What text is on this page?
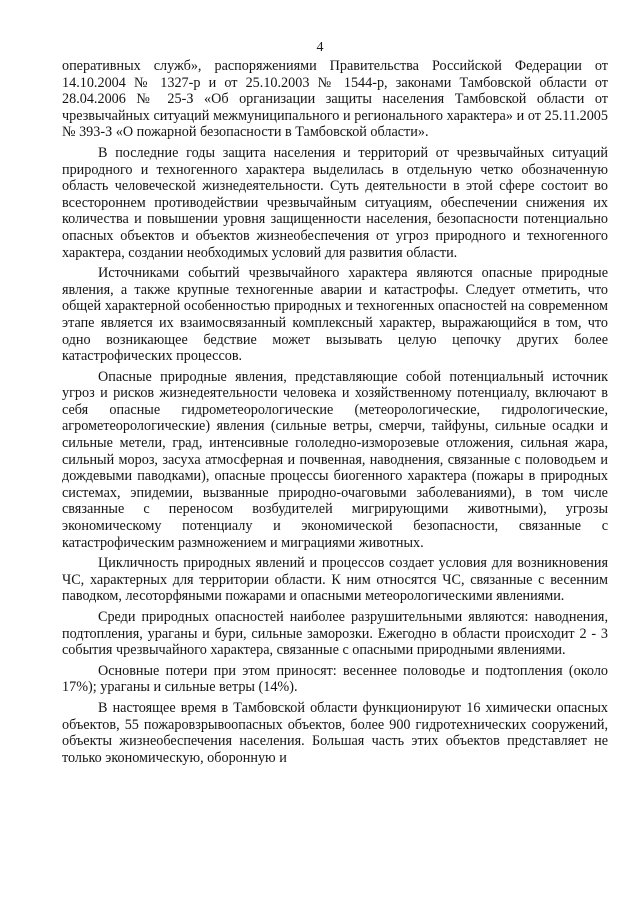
4

оперативных служб», распоряжениями Правительства Российской Федерации от 14.10.2004 № 1327-р и от 25.10.2003 № 1544-р, законами Тамбовской области от 28.04.2006 № 25-З «Об организации защиты населения Тамбовской области от чрезвычайных ситуаций межмуниципального и регионального характера» и от 25.11.2005 № 393-З «О пожарной безопасности в Тамбовской области».

В последние годы защита населения и территорий от чрезвычайных ситуаций природного и техногенного характера выделилась в отдельную четко обозначенную область человеческой жизнедеятельности. Суть деятельности в этой сфере состоит во всестороннем противодействии чрезвычайным ситуациям, обеспечении снижения их количества и повышении уровня защищенности населения, безопасности потенциально опасных объектов и объектов жизнеобеспечения от угроз природного и техногенного характера, создании необходимых условий для развития области.

Источниками событий чрезвычайного характера являются опасные природные явления, а также крупные техногенные аварии и катастрофы. Следует отметить, что общей характерной особенностью природных и техногенных опасностей на современном этапе является их взаимосвязанный комплексный характер, выражающийся в том, что одно возникающее бедствие может вызывать целую цепочку других более катастрофических процессов.

Опасные природные явления, представляющие собой потенциальный источник угроз и рисков жизнедеятельности человека и хозяйственному потенциалу, включают в себя опасные гидрометеорологические (метеорологические, гидрологические, агрометеорологические) явления (сильные ветры, смерчи, тайфуны, сильные осадки и сильные метели, град, интенсивные гололедно-изморозевые отложения, сильная жара, сильный мороз, засуха атмосферная и почвенная, наводнения, связанные с половодьем и дождевыми паводками), опасные процессы биогенного характера (пожары в природных системах, эпидемии, вызванные природно-очаговыми заболеваниями), в том числе связанные с переносом возбудителей мигрирующими животными), угрозы экономическому потенциалу и экономической безопасности, связанные с катастрофическим размножением и миграциями животных.

Цикличность природных явлений и процессов создает условия для возникновения ЧС, характерных для территории области. К ним относятся ЧС, связанные с весенним паводком, лесоторфяными пожарами и опасными метеорологическими явлениями.

Среди природных опасностей наиболее разрушительными являются: наводнения, подтопления, ураганы и бури, сильные заморозки. Ежегодно в области происходит 2 - 3 события чрезвычайного характера, связанные с опасными природными явлениями.

Основные потери при этом приносят: весеннее половодье и подтопления (около 17%); ураганы и сильные ветры (14%).

В настоящее время в Тамбовской области функционируют 16 химически опасных объектов, 55 пожаровзрывоопасных объектов, более 900 гидротехнических сооружений, объекты жизнеобеспечения населения. Большая часть этих объектов представляет не только экономическую, оборонную и
